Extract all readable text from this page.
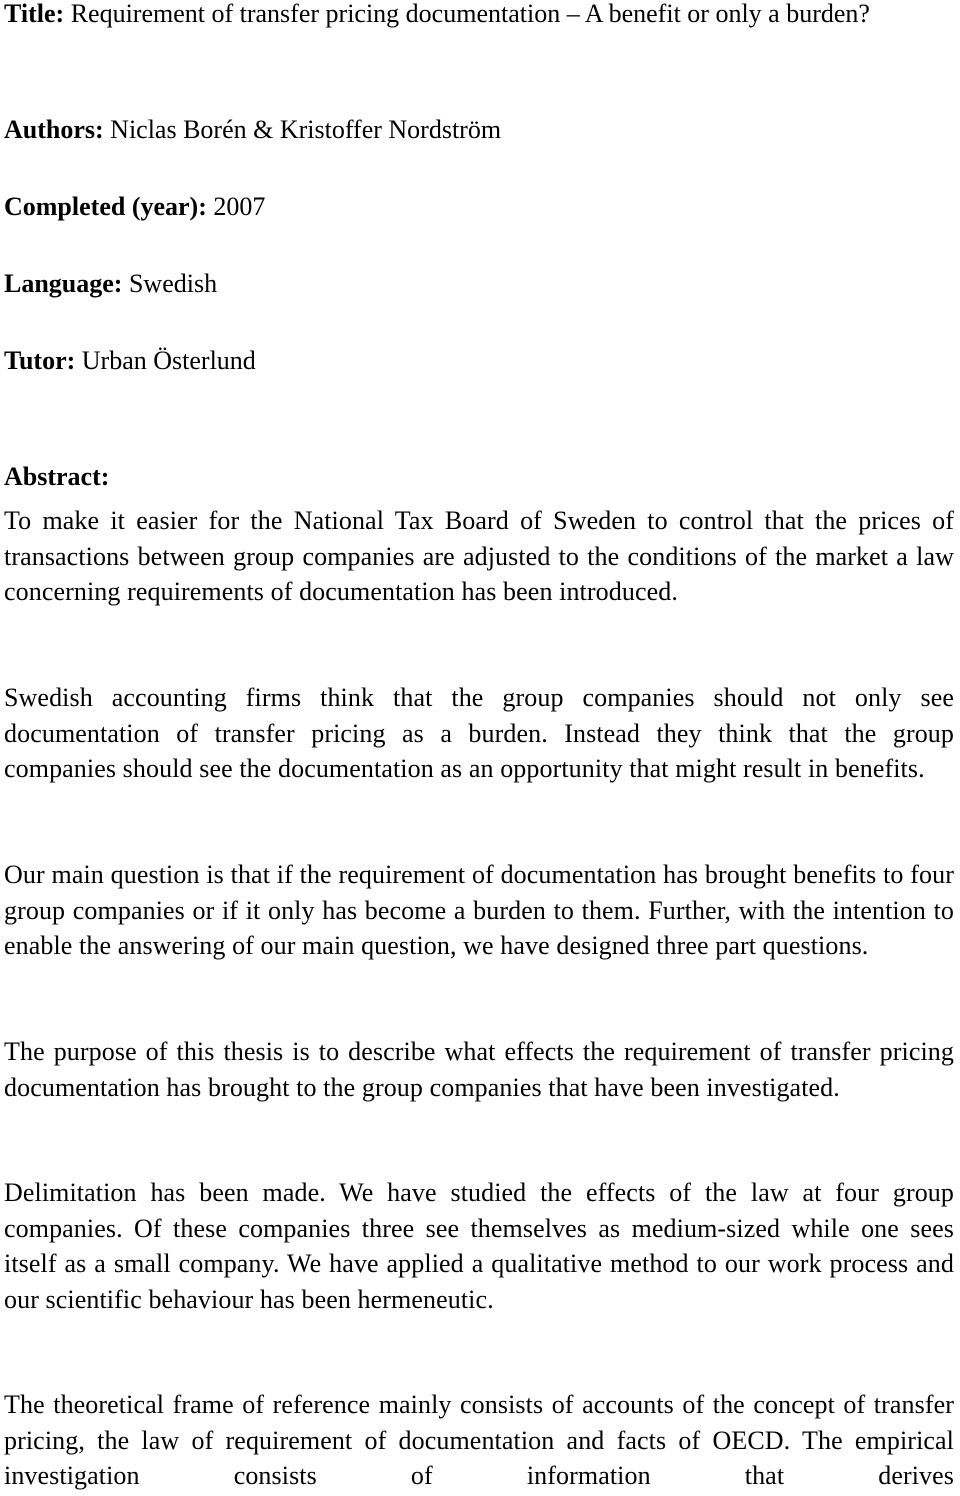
Title: Requirement of transfer pricing documentation – A benefit or only a burden?

Authors: Niclas Borén & Kristoffer Nordström

Completed (year): 2007

Language: Swedish

Tutor: Urban Österlund

Abstract:

To make it easier for the National Tax Board of Sweden to control that the prices of transactions between group companies are adjusted to the conditions of the market a law concerning requirements of documentation has been introduced.

Swedish accounting firms think that the group companies should not only see documentation of transfer pricing as a burden. Instead they think that the group companies should see the documentation as an opportunity that might result in benefits.

Our main question is that if the requirement of documentation has brought benefits to four group companies or if it only has become a burden to them. Further, with the intention to enable the answering of our main question, we have designed three part questions.

The purpose of this thesis is to describe what effects the requirement of transfer pricing documentation has brought to the group companies that have been investigated.

Delimitation has been made. We have studied the effects of the law at four group companies. Of these companies three see themselves as medium-sized while one sees itself as a small company. We have applied a qualitative method to our work process and our scientific behaviour has been hermeneutic.

The theoretical frame of reference mainly consists of accounts of the concept of transfer pricing, the law of requirement of documentation and facts of OECD. The empirical investigation consists of information that derives
